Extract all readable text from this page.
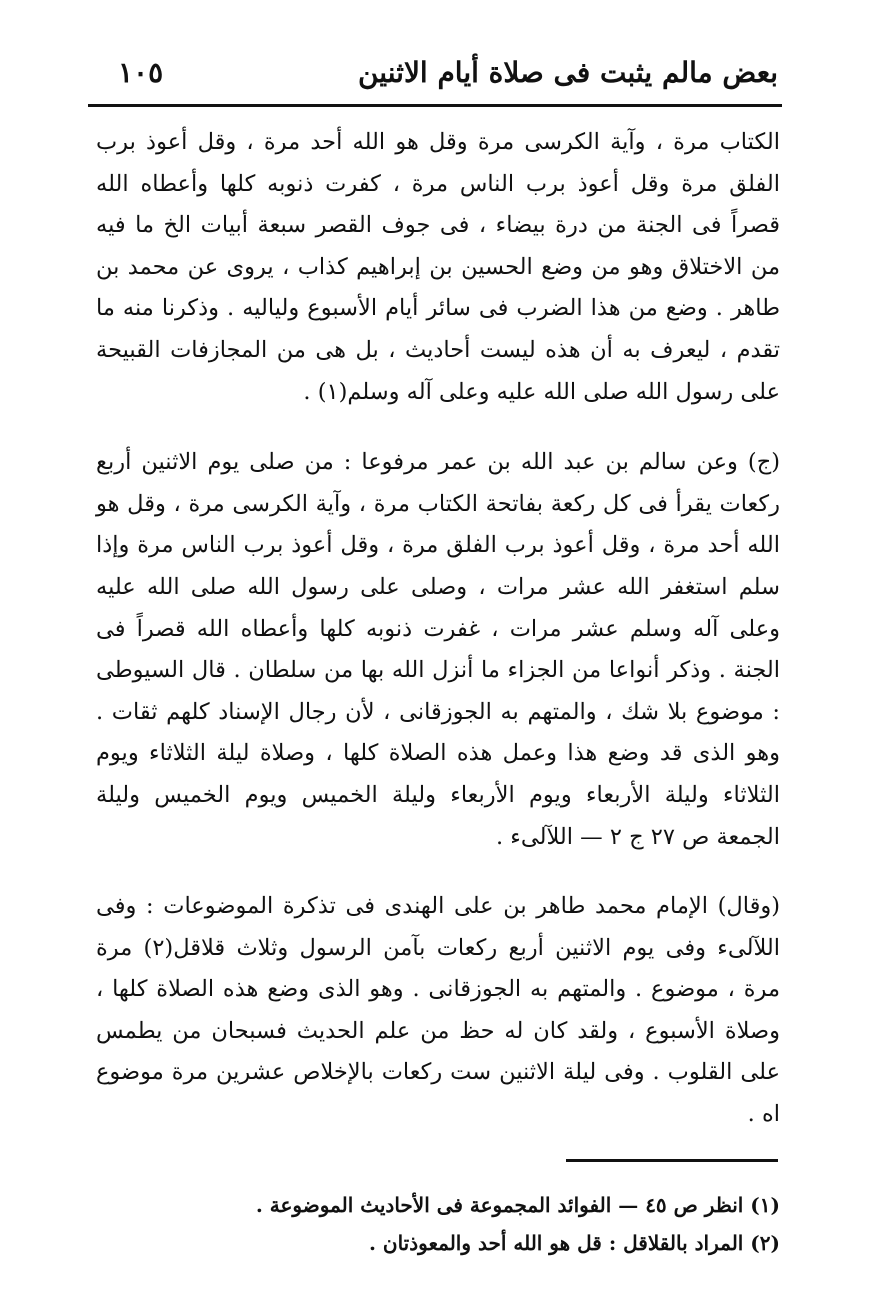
بعض مالم يثبت فى صلاة أيام الاثنين
١٠٥

الكتاب مرة ، وآية الكرسى مرة وقل هو الله أحد مرة ، وقل أعوذ برب الفلق مرة وقل أعوذ برب الناس مرة ، كفرت ذنوبه كلها وأعطاه الله قصراً فى الجنة من درة بيضاء ، فى جوف القصر سبعة أبيات الخ ما فيه من الاختلاق وهو من وضع الحسين بن إبراهيم كذاب ، يروى عن محمد بن طاهر . وضع من هذا الضرب فى سائر أيام الأسبوع ولياليه . وذكرنا منه ما تقدم ، ليعرف به أن هذه ليست أحاديث ، بل هى من المجازفات القبيحة على رسول الله صلى الله عليه وعلى آله وسلم(١) .

(ج) وعن سالم بن عبد الله بن عمر مرفوعا : من صلى يوم الاثنين أربع ركعات يقرأ فى كل ركعة بفاتحة الكتاب مرة ، وآية الكرسى مرة ، وقل هو الله أحد مرة ، وقل أعوذ برب الفلق مرة ، وقل أعوذ برب الناس مرة وإذا سلم استغفر الله عشر مرات ، وصلى على رسول الله صلى الله عليه وعلى آله وسلم عشر مرات ، غفرت ذنوبه كلها وأعطاه الله قصراً فى الجنة . وذكر أنواعا من الجزاء ما أنزل الله بها من سلطان . قال السيوطى : موضوع بلا شك ، والمتهم به الجوزقانى ، لأن رجال الإسناد كلهم ثقات . وهو الذى قد وضع هذا وعمل هذه الصلاة كلها ، وصلاة ليلة الثلاثاء ويوم الثلاثاء وليلة الأربعاء ويوم الأربعاء وليلة الخميس ويوم الخميس وليلة الجمعة ص ٢٧ ج ٢ — اللآلىء .

(وقال) الإمام محمد طاهر بن على الهندى فى تذكرة الموضوعات : وفى اللآلىء وفى يوم الاثنين أربع ركعات بآمن الرسول وثلاث قلاقل(٢) مرة مرة ، موضوع . والمتهم به الجوزقانى . وهو الذى وضع هذه الصلاة كلها ، وصلاة الأسبوع ، ولقد كان له حظ من علم الحديث فسبحان من يطمس على القلوب . وفى ليلة الاثنين ست ركعات بالإخلاص عشرين مرة موضوع اه .

(١) انظر ص ٤٥ — الفوائد المجموعة فى الأحاديث الموضوعة .

(٢) المراد بالقلاقل : قل هو الله أحد والمعوذتان .
